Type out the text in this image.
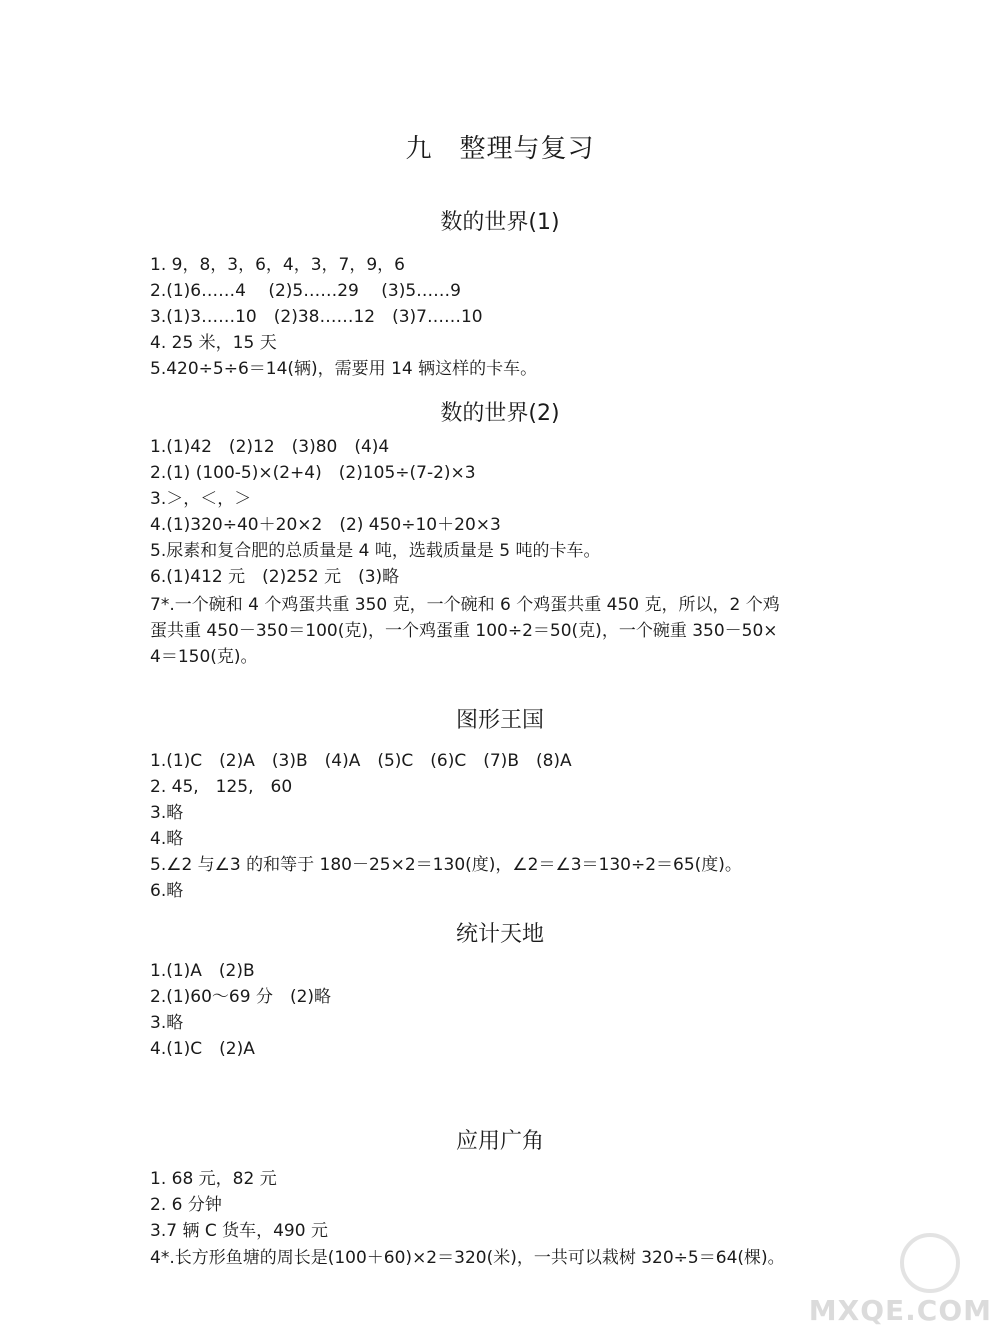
九　整理与复习
数的世界(1)
1. 9，8，3，6，4，3，7，9，6
2.(1)6……4　 (2)5……29　 (3)5……9
3.(1)3……10　(2)38……12　(3)7……10
4. 25 米，15 天
5.420÷5÷6＝14(辆)，需要用 14 辆这样的卡车。
数的世界(2)
1.(1)42　(2)12　(3)80　(4)4
2.(1) (100-5)×(2+4)　(2)105÷(7-2)×3
3.＞，＜，＞
4.(1)320÷40＋20×2　(2) 450÷10＋20×3
5.尿素和复合肥的总质量是 4 吨，选载质量是 5 吨的卡车。
6.(1)412 元　(2)252 元　(3)略
7*.一个碗和 4 个鸡蛋共重 350 克，一个碗和 6 个鸡蛋共重 450 克，所以，2 个鸡
蛋共重 450－350＝100(克)，一个鸡蛋重 100÷2＝50(克)，一个碗重 350－50×
4＝150(克)。
图形王国
1.(1)C　(2)A　(3)B　(4)A　(5)C　(6)C　(7)B　(8)A
2. 45,　125,　60
3.略
4.略
5.∠2 与∠3 的和等于 180－25×2＝130(度)，∠2＝∠3＝130÷2＝65(度)。
6.略
统计天地
1.(1)A　(2)B
2.(1)60～69 分　(2)略
3.略
4.(1)C　(2)A
应用广角
1. 68 元，82 元
2. 6 分钟
3.7 辆 C 货车，490 元
4*.长方形鱼塘的周长是(100＋60)×2＝320(米)，一共可以栽树 320÷5＝64(棵)。
MXQE.COM
